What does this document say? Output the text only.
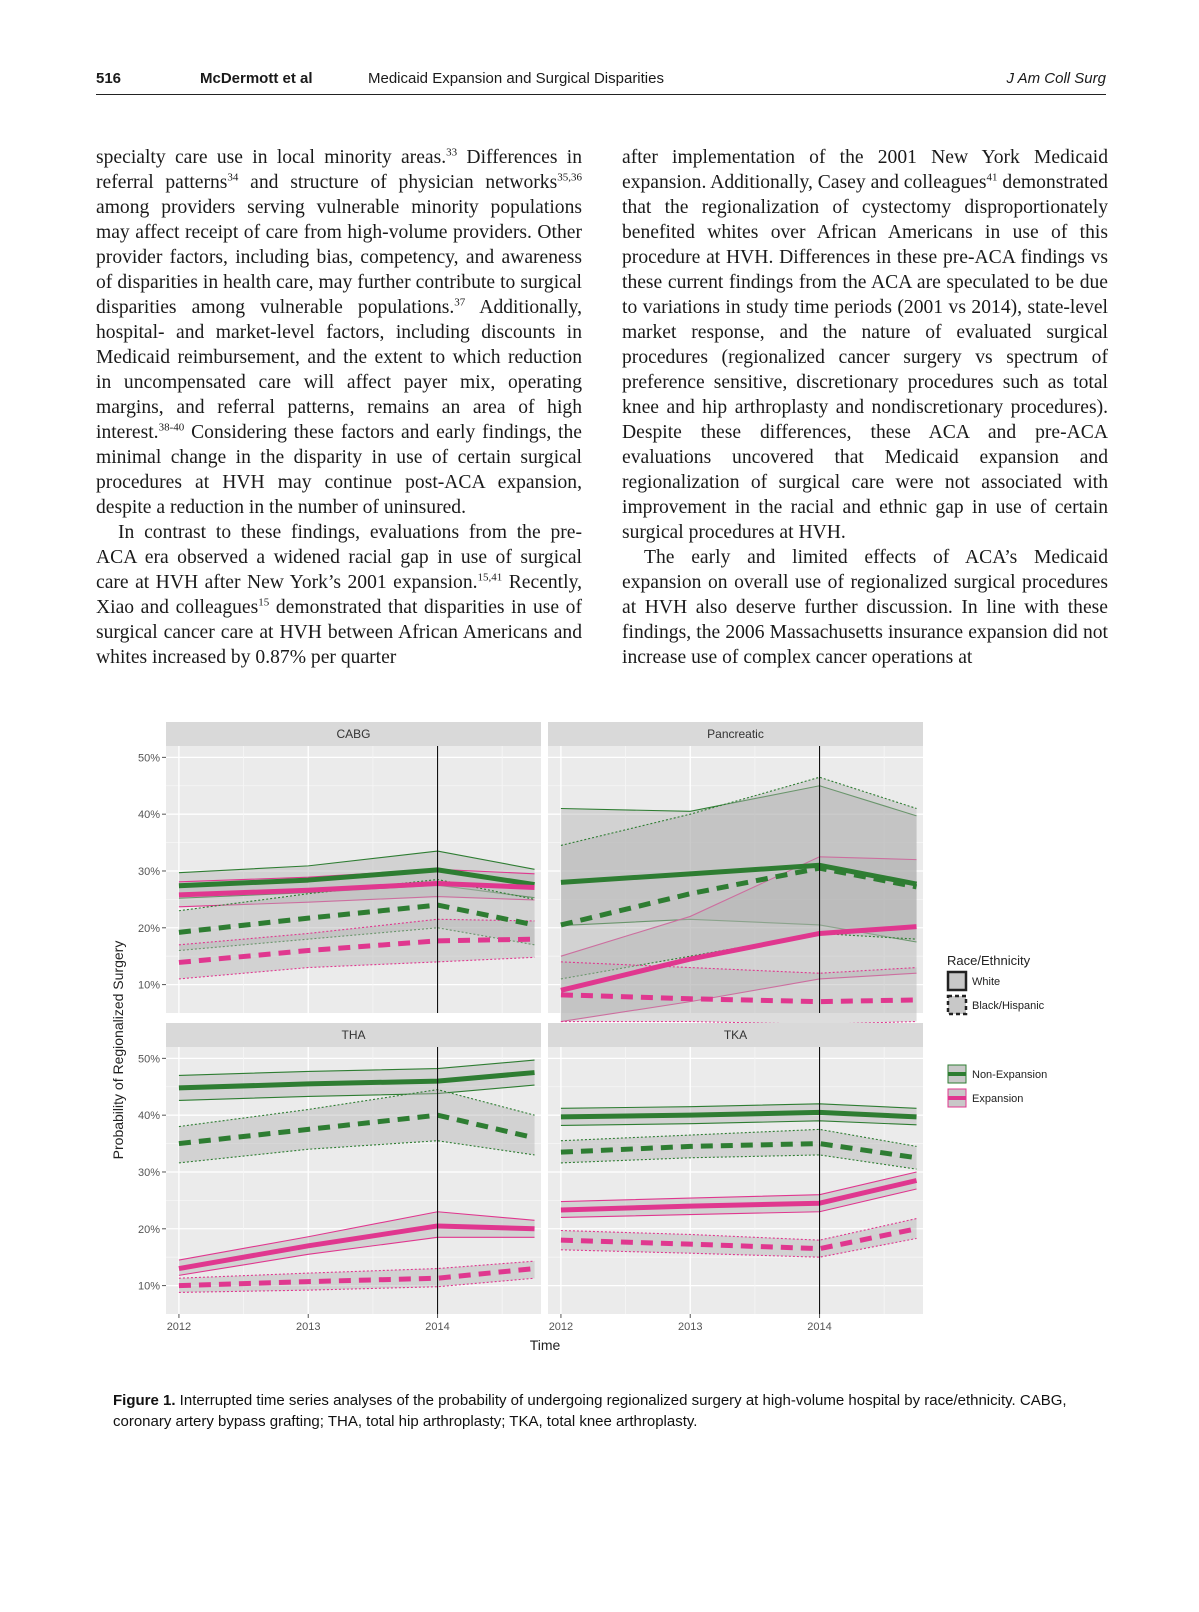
516	McDermott et al	Medicaid Expansion and Surgical Disparities	J Am Coll Surg

specialty care use in local minority areas.$^{33}$ Differences in referral patterns$^{34}$ and structure of physician networks$^{35,36}$ among providers serving vulnerable minority populations may affect receipt of care from high-volume providers. Other provider factors, including bias, competency, and awareness of disparities in health care, may further contribute to surgical disparities among vulnerable populations.$^{37}$ Additionally, hospital- and market-level factors, including discounts in Medicaid reimbursement, and the extent to which reduction in uncompensated care will affect payer mix, operating margins, and referral patterns, remains an area of high interest.$^{38-40}$ Considering these factors and early findings, the minimal change in the disparity in use of certain surgical procedures at HVH may continue post-ACA expansion, despite a reduction in the number of uninsured.

In contrast to these findings, evaluations from the pre-ACA era observed a widened racial gap in use of surgical care at HVH after New York’s 2001 expansion.$^{15,41}$ Recently, Xiao and colleagues$^{15}$ demonstrated that disparities in use of surgical cancer care at HVH between African Americans and whites increased by 0.87% per quarter

after implementation of the 2001 New York Medicaid expansion. Additionally, Casey and colleagues$^{41}$ demonstrated that the regionalization of cystectomy disproportionately benefited whites over African Americans in use of this procedure at HVH. Differences in these pre-ACA findings vs these current findings from the ACA are speculated to be due to variations in study time periods (2001 vs 2014), state-level market response, and the nature of evaluated surgical procedures (regionalized cancer surgery vs spectrum of preference sensitive, discretionary procedures such as total knee and hip arthroplasty and nondiscretionary procedures). Despite these differences, these ACA and pre-ACA evaluations uncovered that Medicaid expansion and regionalization of surgical care were not associated with improvement in the racial and ethnic gap in use of certain surgical procedures at HVH.

The early and limited effects of ACA’s Medicaid expansion on overall use of regionalized surgical procedures at HVH also deserve further discussion. In line with these findings, the 2006 Massachusetts insurance expansion did not increase use of complex cancer operations at

CABG
10%
20%
30%
40%
50%
Pancreatic
THA
10%
20%
30%
40%
50%
2012	2013	2014
TKA
2012	2013	2014
Probability of Regionalized Surgery
Time
Race/Ethnicity
White
Black/Hispanic
Non-Expansion
Expansion
Figure 1. Interrupted time series analyses of the probability of undergoing regionalized surgery at high-volume hospital by race/ethnicity. CABG, coronary artery bypass grafting; THA, total hip arthroplasty; TKA, total knee arthroplasty.
